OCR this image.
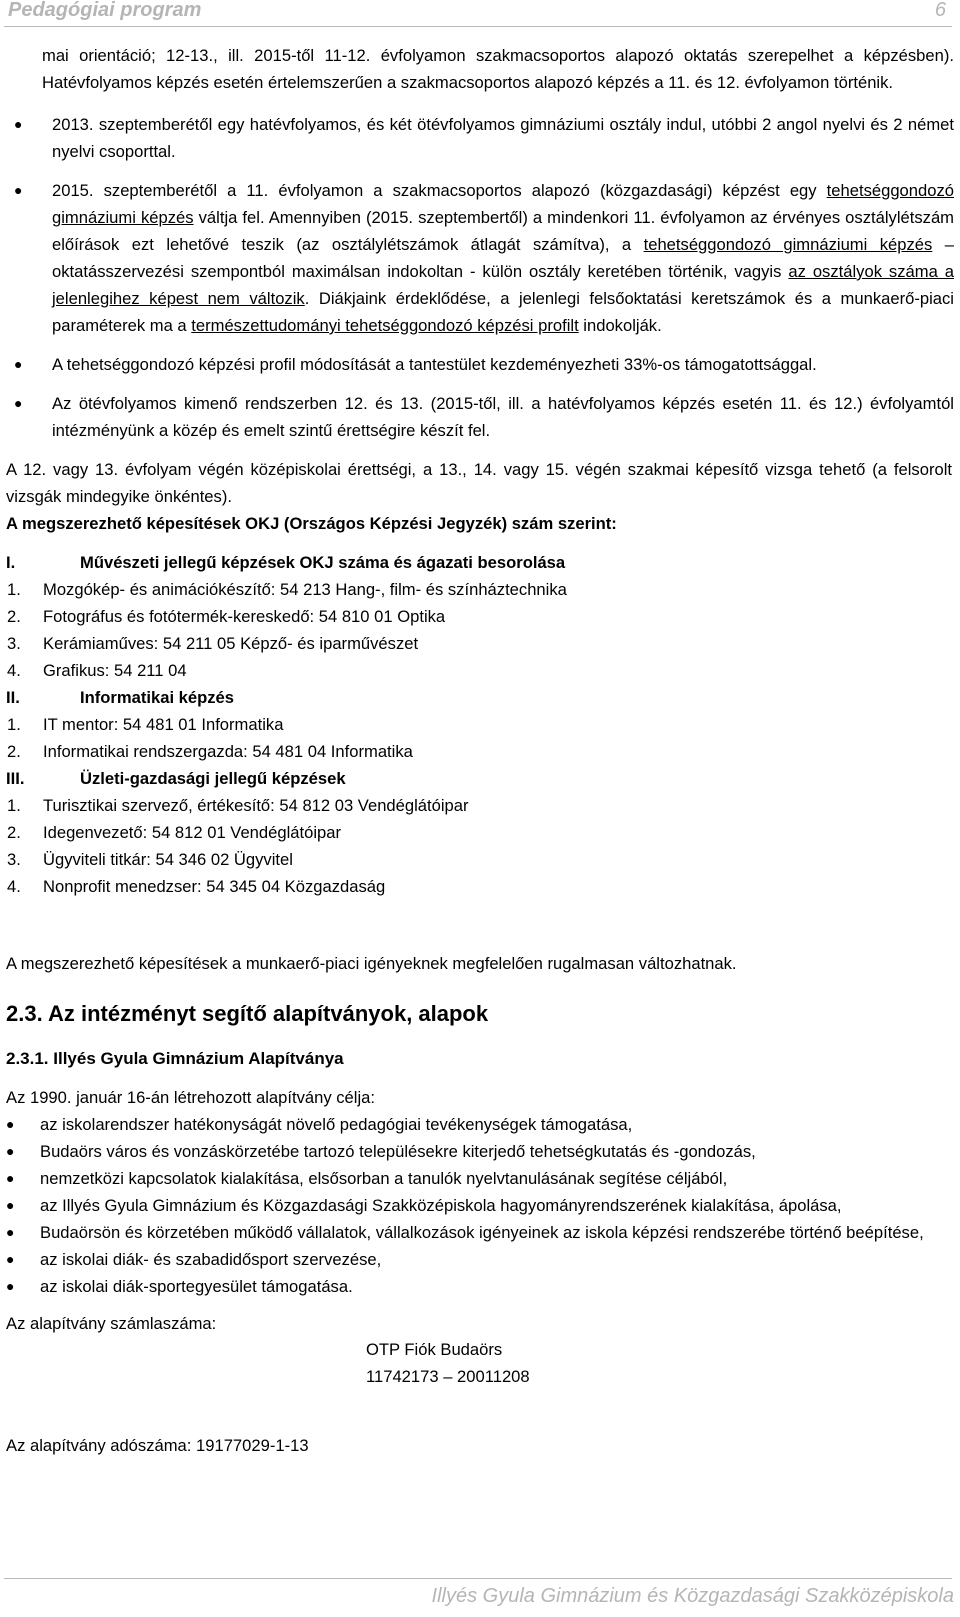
Pedagógiai program	6
mai orientáció; 12-13., ill. 2015-től 11-12. évfolyamon szakmacsoportos alapozó oktatás szerepelhet a képzésben). Hatévfolyamos képzés esetén értelemszerűen a szakmacsoportos alapozó képzés a 11. és 12. évfolyamon történik.
● 2013. szeptemberétől egy hatévfolyamos, és két ötévfolyamos gimnáziumi osztály indul, utóbbi 2 angol nyelvi és 2 német nyelvi csoporttal.
● 2015. szeptemberétől a 11. évfolyamon a szakmacsoportos alapozó (közgazdasági) képzést egy tehetséggondozó gimnáziumi képzés váltja fel. Amennyiben (2015. szeptembertől) a mindenkori 11. évfolyamon az érvényes osztálylétszám előírások ezt lehetővé teszik (az osztálylétszámok átlagát számítva), a tehetséggondozó gimnáziumi képzés – oktatásszervezési szempontból maximálsan indokoltan - külön osztály keretében történik, vagyis az osztályok száma a jelenlegihez képest nem változik. Diákjaink érdeklődése, a jelenlegi felsőoktatási keretszámok és a munkaerő-piaci paraméterek ma a természettudományi tehetséggondozó képzési profilt indokolják.
● A tehetséggondozó képzési profil módosítását a tantestület kezdeményezheti 33%-os támogatottsággal.
● Az ötévfolyamos kimenő rendszerben 12. és 13. (2015-től, ill. a hatévfolyamos képzés esetén 11. és 12.) évfolyamtól intézményünk a közép és emelt szintű érettségire készít fel.
A 12. vagy 13. évfolyam végén középiskolai érettségi, a 13., 14. vagy 15. végén szakmai képesítő vizsga tehető (a felsorolt vizsgák mindegyike önkéntes).
A megszerezhető képesítések OKJ (Országos Képzési Jegyzék) szám szerint:
I.	Művészeti jellegű képzések OKJ száma és ágazati besorolása
1.	Mozgókép- és animációkészítő: 54 213 Hang-, film- és színháztechnika
2.	Fotográfus és fotótermék-kereskedő: 54 810 01 Optika
3.	Kerámiaműves: 54 211 05 Képző- és iparművészet
4.	Grafikus: 54 211 04
II.	Informatikai képzés
1.	IT mentor: 54 481 01 Informatika
2.	Informatikai rendszergazda: 54 481 04 Informatika
III.	Üzleti-gazdasági jellegű képzések
1.	Turisztikai szervező, értékesítő: 54 812 03 Vendéglátóipar
2.	Idegenvezető: 54 812 01 Vendéglátóipar
3.	Ügyviteli titkár: 54 346 02 Ügyvitel
4.	Nonprofit menedzser: 54 345 04 Közgazdaság
A megszerezhető képesítések a munkaerő-piaci igényeknek megfelelően rugalmasan változhatnak.
2.3. Az intézményt segítő alapítványok, alapok
2.3.1. Illyés Gyula Gimnázium Alapítványa
Az 1990. január 16-án létrehozott alapítvány célja:
● az iskolarendszer hatékonyságát növelő pedagógiai tevékenységek támogatása,
● Budaörs város és vonzáskörzetébe tartozó településekre kiterjedő tehetségkutatás és -gondozás,
● nemzetközi kapcsolatok kialakítása, elsősorban a tanulók nyelvtanulásának segítése céljából,
● az Illyés Gyula Gimnázium és Közgazdasági Szakközépiskola hagyományrendszerének kialakítása, ápolása,
● Budaörsön és körzetében működő vállalatok, vállalkozások igényeinek az iskola képzési rendszerébe történő beépítése,
● az iskolai diák- és szabadidősport szervezése,
● az iskolai diák-sportegyesület támogatása.
Az alapítvány számlaszáma:
OTP Fiók Budaörs
11742173 – 20011208
Az alapítvány adószáma: 19177029-1-13
Illyés Gyula Gimnázium és Közgazdasági Szakközépiskola
